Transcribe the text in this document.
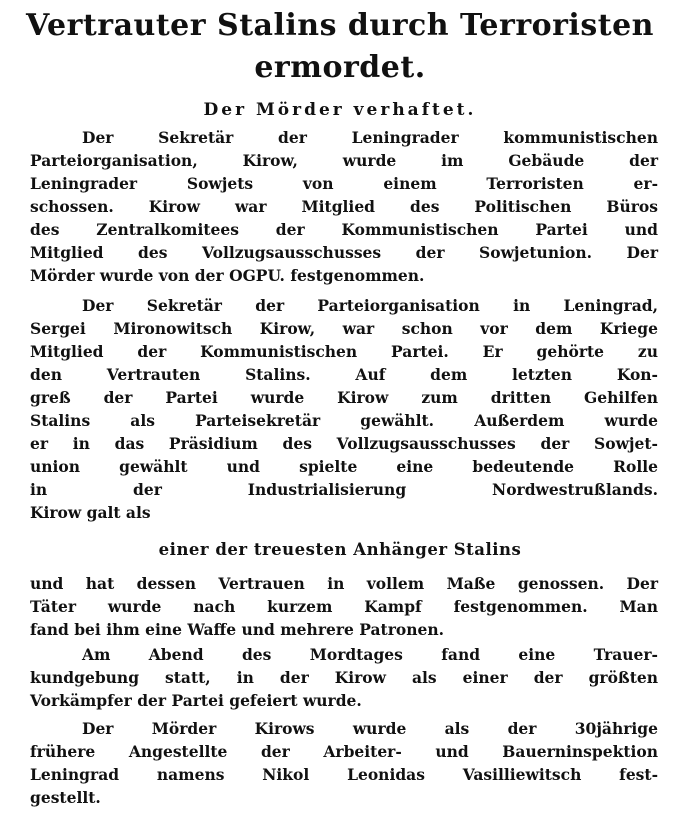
Vertrauter Stalins durch Terroristen
ermordet.
Der Mörder verhaftet.
Der Sekretär der Leningrader kommunistischen
Parteiorganisation, Kirow, wurde im Gebäude der
Leningrader Sowjets von einem Terroristen er-
schossen. Kirow war Mitglied des Politischen Büros
des Zentralkomitees der Kommunistischen Partei und
Mitglied des Vollzugsausschusses der Sowjetunion. Der
Mörder wurde von der OGPU. festgenommen.
Der Sekretär der Parteiorganisation in Leningrad,
Sergei Mironowitsch Kirow, war schon vor dem Kriege
Mitglied der Kommunistischen Partei. Er gehörte zu
den Vertrauten Stalins. Auf dem letzten Kon-
greß der Partei wurde Kirow zum dritten Gehilfen
Stalins als Parteisekretär gewählt. Außerdem wurde
er in das Präsidium des Vollzugsausschusses der Sowjet-
union gewählt und spielte eine bedeutende Rolle
in der Industrialisierung Nordwestrußlands.
Kirow galt als
einer der treuesten Anhänger Stalins
und hat dessen Vertrauen in vollem Maße genossen. Der
Täter wurde nach kurzem Kampf festgenommen. Man
fand bei ihm eine Waffe und mehrere Patronen.
Am Abend des Mordtages fand eine Trauer-
kundgebung statt, in der Kirow als einer der größten
Vorkämpfer der Partei gefeiert wurde.
Der Mörder Kirows wurde als der 30jährige
frühere Angestellte der Arbeiter- und Bauerninspektion
Leningrad namens Nikol Leonidas Vasilliewitsch fest-
gestellt.
